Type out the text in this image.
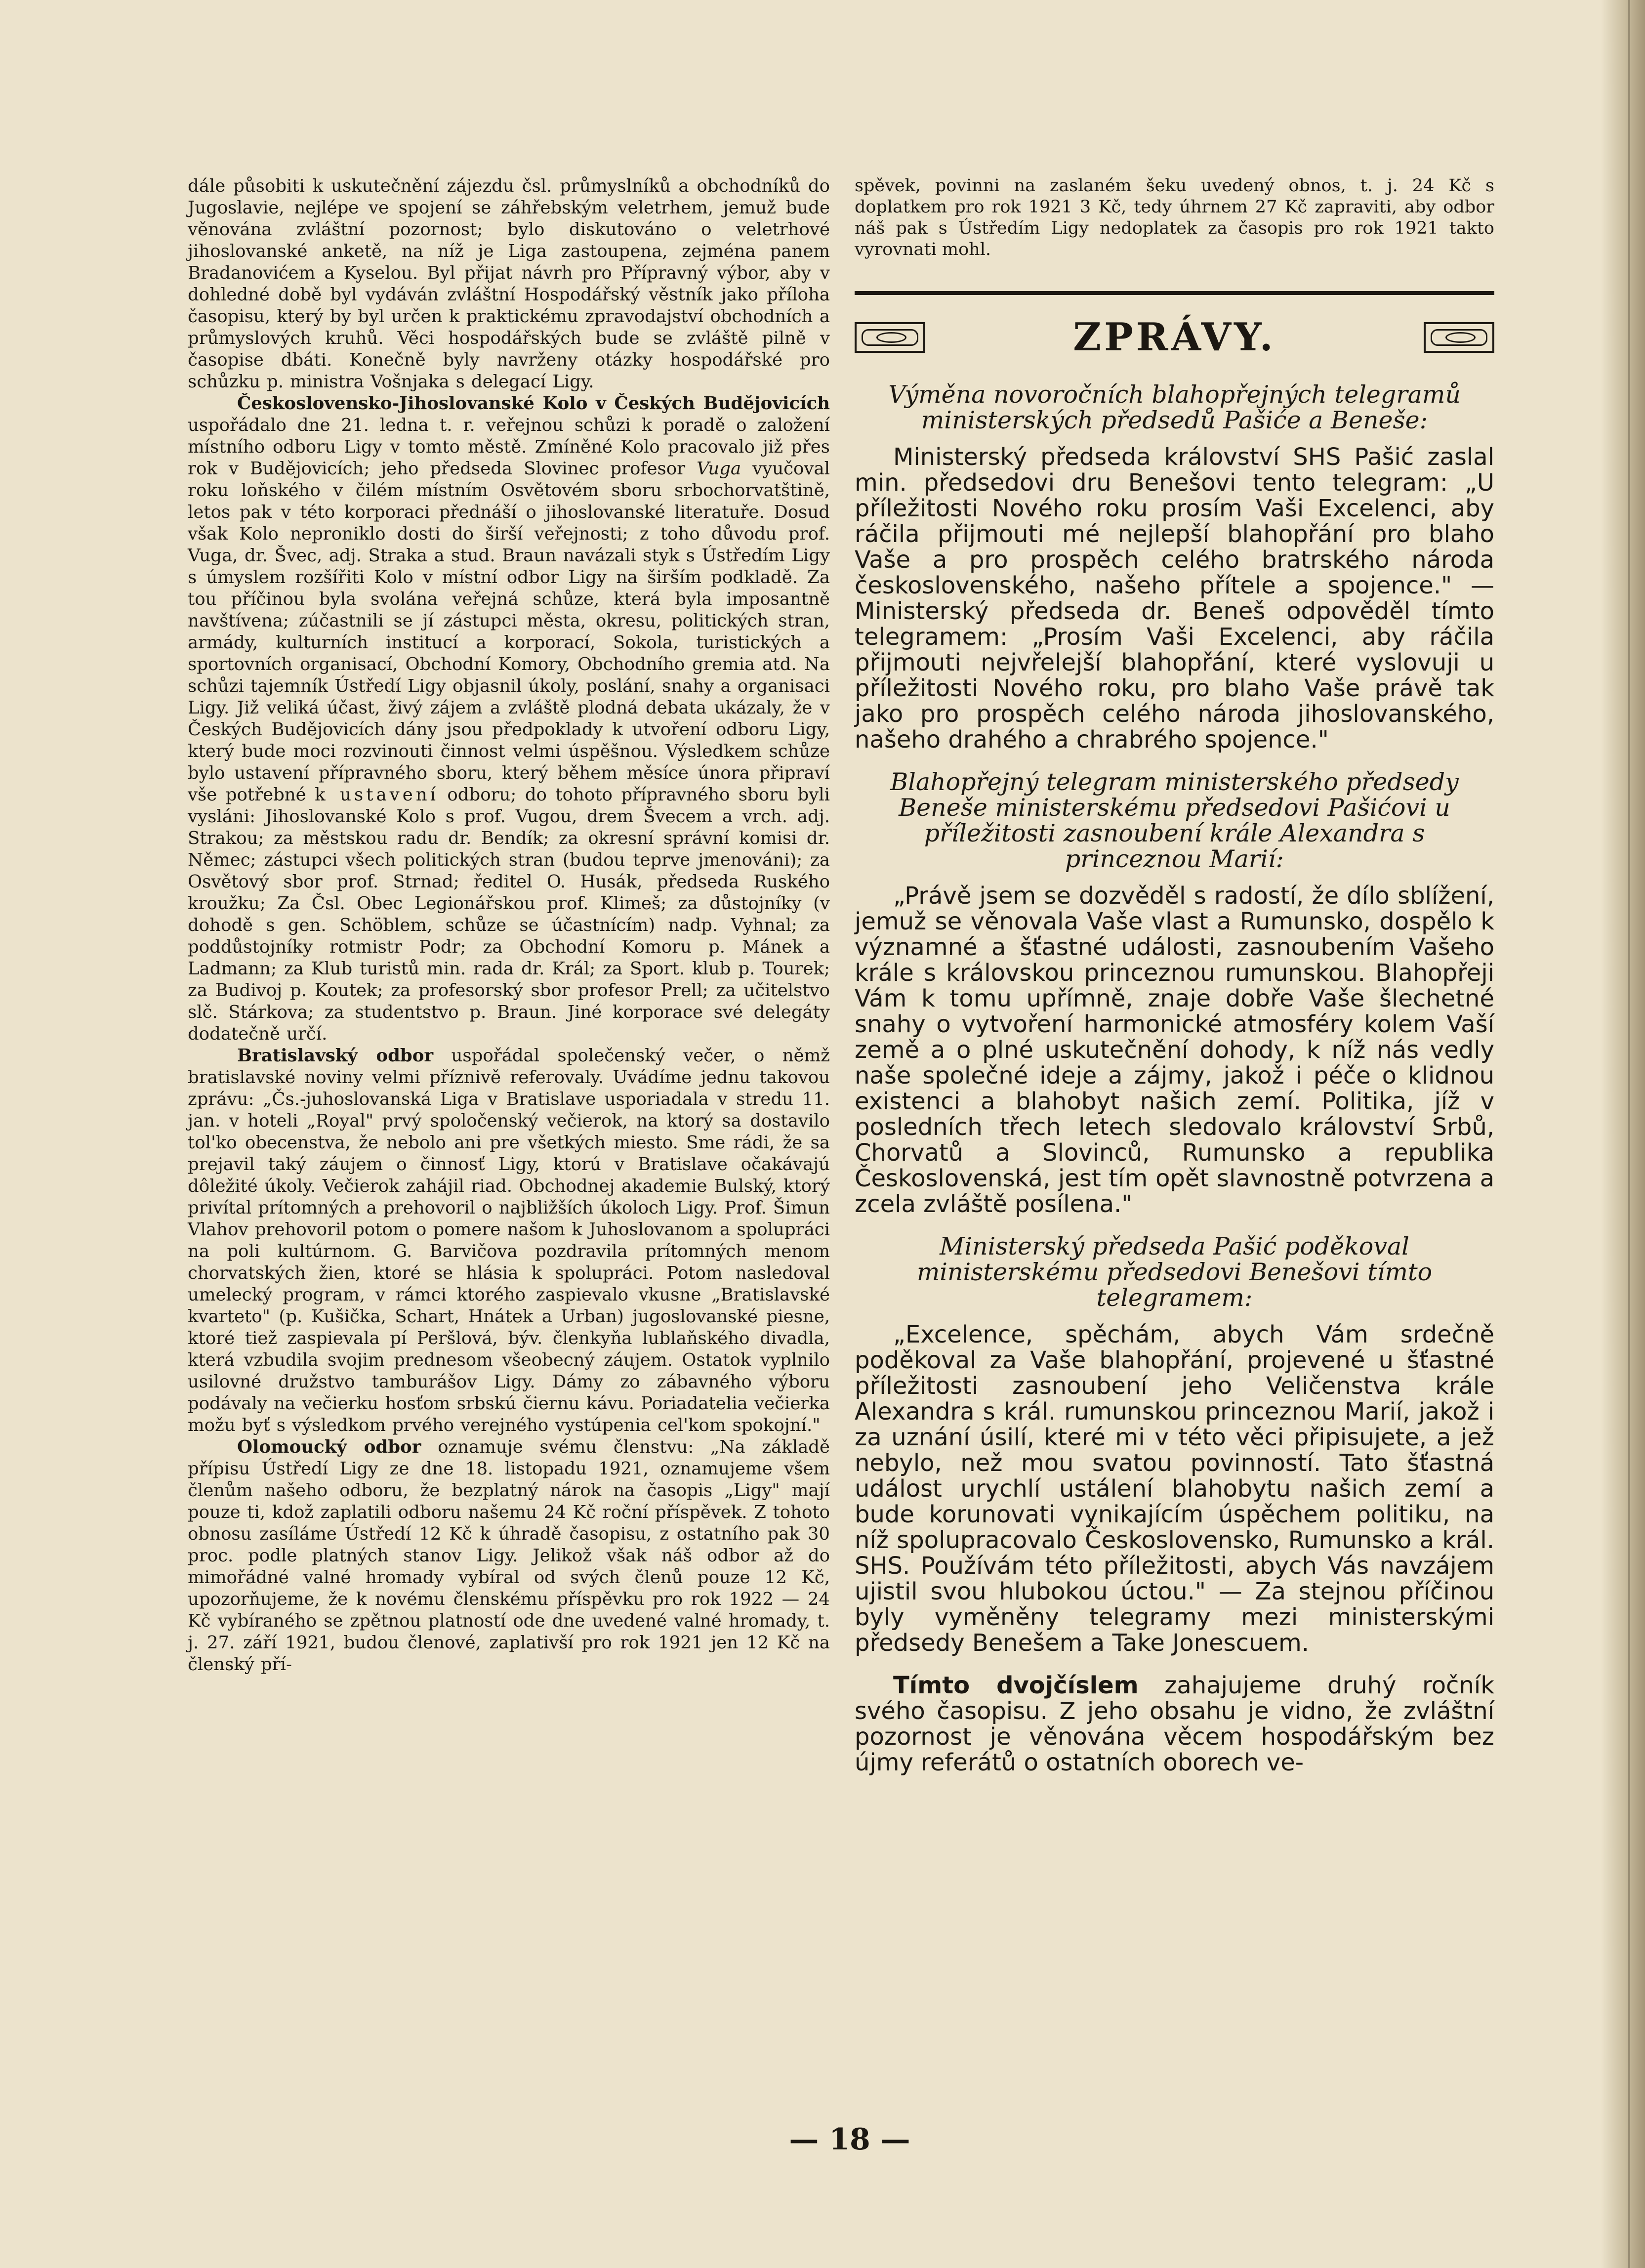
dále působiti k uskutečnění zájezdu čsl. průmyslníků a obchodníků do Jugoslavie, nejlépe ve spojení se záhřebským veletrhem, jemuž bude věnována zvláštní pozornost; bylo diskutováno o veletrhové jihoslovanské anketě, na níž je Liga zastoupena, zejména panem Bradanovićem a Kyselou. Byl přijat návrh pro Přípravný výbor, aby v dohledné době byl vydáván zvláštní Hospodářský věstník jako příloha časopisu, který by byl určen k praktickému zpravodajství obchodních a průmyslových kruhů. Věci hospodářských bude se zvláště pilně v časopise dbáti. Konečně byly navrženy otázky hospodářské pro schůzku p. ministra Vošnjaka s delegací Ligy.

Československo-Jihoslovanské Kolo v Českých Budějovicích uspořádalo dne 21. ledna t. r. veřejnou schůzi k poradě o založení místního odboru Ligy v tomto městě. Zmíněné Kolo pracovalo již přes rok v Budějovicích; jeho předseda Slovinec profesor Vuga vyučoval roku loňského v čilém místním Osvětovém sboru srbochorvatštině, letos pak v této korporaci přednáší o jihoslovanské literatuře. Dosud však Kolo neproniklo dosti do širší veřejnosti; z toho důvodu prof. Vuga, dr. Švec, adj. Straka a stud. Braun navázali styk s Ústředím Ligy s úmyslem rozšířiti Kolo v místní odbor Ligy na širším podkladě. Za tou příčinou byla svolána veřejná schůze, která byla imposantně navštívena; zúčastnili se jí zástupci města, okresu, politických stran, armády, kulturních institucí a korporací, Sokola, turistických a sportovních organisací, Obchodní Komory, Obchodního gremia atd. Na schůzi tajemník Ústředí Ligy objasnil úkoly, poslání, snahy a organisaci Ligy. Již veliká účast, živý zájem a zvláště plodná debata ukázaly, že v Českých Budějovicích dány jsou předpoklady k utvoření odboru Ligy, který bude moci rozvinouti činnost velmi úspěšnou. Výsledkem schůze bylo ustavení přípravného sboru, který během měsíce února připraví vše potřebné k ustavení odboru; do tohoto přípravného sboru byli vysláni: Jihoslovanské Kolo s prof. Vugou, drem Švecem a vrch. adj. Strakou; za městskou radu dr. Bendík; za okresní správní komisi dr. Němec; zástupci všech politických stran (budou teprve jmenováni); za Osvětový sbor prof. Strnad; ředitel O. Husák, předseda Ruského kroužku; Za Čsl. Obec Legionářskou prof. Klimeš; za důstojníky (v dohodě s gen. Schöblem, schůze se účastnícím) nadp. Vyhnal; za poddůstojníky rotmistr Podr; za Obchodní Komoru p. Mánek a Ladmann; za Klub turistů min. rada dr. Král; za Sport. klub p. Tourek; za Budivoj p. Koutek; za profesorský sbor profesor Prell; za učitelstvo slč. Stárkova; za studentstvo p. Braun. Jiné korporace své delegáty dodatečně určí.

Bratislavský odbor uspořádal společenský večer, o němž bratislavské noviny velmi příznivě referovaly. Uvádíme jednu takovou zprávu: „Čs.-juhoslovanská Liga v Bratislave usporiadala v stredu 11. jan. v hoteli „Royal" prvý spoločenský večierok, na ktorý sa dostavilo tol'ko obecenstva, že nebolo ani pre všetkých miesto. Sme rádi, že sa prejavil taký záujem o činnosť Ligy, ktorú v Bratislave očakávajú dôležité úkoly. Večierok zahájil riad. Obchodnej akademie Bulský, ktorý privítal prítomných a prehovoril o najbližších úkoloch Ligy. Prof. Šimun Vlahov prehovoril potom o pomere našom k Juhoslovanom a spolupráci na poli kultúrnom. G. Barvičova pozdravila prítomných menom chorvatských žien, ktoré se hlásia k spolupráci. Potom nasledoval umelecký program, v rámci ktorého zaspievalo vkusne „Bratislavské kvarteto" (p. Kušička, Schart, Hnátek a Urban) jugoslovanské piesne, ktoré tiež zaspievala pí Peršlová, býv. členkyňa lublaňského divadla, která vzbudila svojim prednesom všeobecný záujem. Ostatok vyplnilo usilovné družstvo tamburášov Ligy. Dámy zo zábavného výboru podávaly na večierku hosťom srbskú čiernu kávu. Poriadatelia večierka možu byť s výsledkom prvého verejného vystúpenia cel'kom spokojní."

Olomoucký odbor oznamuje svému členstvu: „Na základě přípisu Ústředí Ligy ze dne 18. listopadu 1921, oznamujeme všem členům našeho odboru, že bezplatný nárok na časopis „Ligy" mají pouze ti, kdož zaplatili odboru našemu 24 Kč roční příspěvek. Z tohoto obnosu zasíláme Ústředí 12 Kč k úhradě časopisu, z ostatního pak 30 proc. podle platných stanov Ligy. Jelikož však náš odbor až do mimořádné valné hromady vybíral od svých členů pouze 12 Kč, upozorňujeme, že k novému členskému příspěvku pro rok 1922 — 24 Kč vybíraného se zpětnou platností ode dne uvedené valné hromady, t. j. 27. září 1921, budou členové, zaplativší pro rok 1921 jen 12 Kč na členský pří-

spěvek, povinni na zaslaném šeku uvedený obnos, t. j. 24 Kč s doplatkem pro rok 1921 3 Kč, tedy úhrnem 27 Kč zapraviti, aby odbor náš pak s Ústředím Ligy nedoplatek za časopis pro rok 1921 takto vyrovnati mohl.

ZPRÁVY.

Výměna novoročních blahopřejných telegramů ministerských předsedů Pašiće a Beneše:

Ministerský předseda království SHS Pašić zaslal min. předsedovi dru Benešovi tento telegram: „U příležitosti Nového roku prosím Vaši Excelenci, aby ráčila přijmouti mé nejlepší blahopřání pro blaho Vaše a pro prospěch celého bratrského národa československého, našeho přítele a spojence." — Ministerský předseda dr. Beneš odpověděl tímto telegramem: „Prosím Vaši Excelenci, aby ráčila přijmouti nejvřelejší blahopřání, které vyslovuji u příležitosti Nového roku, pro blaho Vaše právě tak jako pro prospěch celého národa jihoslovanského, našeho drahého a chrabrého spojence."

Blahopřejný telegram ministerského předsedy Beneše ministerskému předsedovi Pašićovi u příležitosti zasnoubení krále Alexandra s princeznou Marií:

„Právě jsem se dozvěděl s radostí, že dílo sblížení, jemuž se věnovala Vaše vlast a Rumunsko, dospělo k významné a šťastné události, zasnoubením Vašeho krále s královskou princeznou rumunskou. Blahopřeji Vám k tomu upřímně, znaje dobře Vaše šlechetné snahy o vytvoření harmonické atmosféry kolem Vaší země a o plné uskutečnění dohody, k níž nás vedly naše společné ideje a zájmy, jakož i péče o klidnou existenci a blahobyt našich zemí. Politika, jíž v posledních třech letech sledovalo království Srbů, Chorvatů a Slovinců, Rumunsko a republika Československá, jest tím opět slavnostně potvrzena a zcela zvláště posílena."

Ministerský předseda Pašić poděkoval ministerskému předsedovi Benešovi tímto telegramem:

„Excelence, spěchám, abych Vám srdečně poděkoval za Vaše blahopřání, projevené u šťastné příležitosti zasnoubení jeho Veličenstva krále Alexandra s král. rumunskou princeznou Marií, jakož i za uznání úsilí, které mi v této věci připisujete, a jež nebylo, než mou svatou povinností. Tato šťastná událost urychlí ustálení blahobytu našich zemí a bude korunovati vynikajícím úspěchem politiku, na níž spolupracovalo Československo, Rumunsko a král. SHS. Používám této příležitosti, abych Vás navzájem ujistil svou hlubokou úctou." — Za stejnou příčinou byly vyměněny telegramy mezi ministerskými předsedy Benešem a Take Jonescuem.

Tímto dvojčíslem zahajujeme druhý ročník svého časopisu. Z jeho obsahu je vidno, že zvláštní pozornost je věnována věcem hospodářským bez újmy referátů o ostatních oborech ve-

— 18 —
